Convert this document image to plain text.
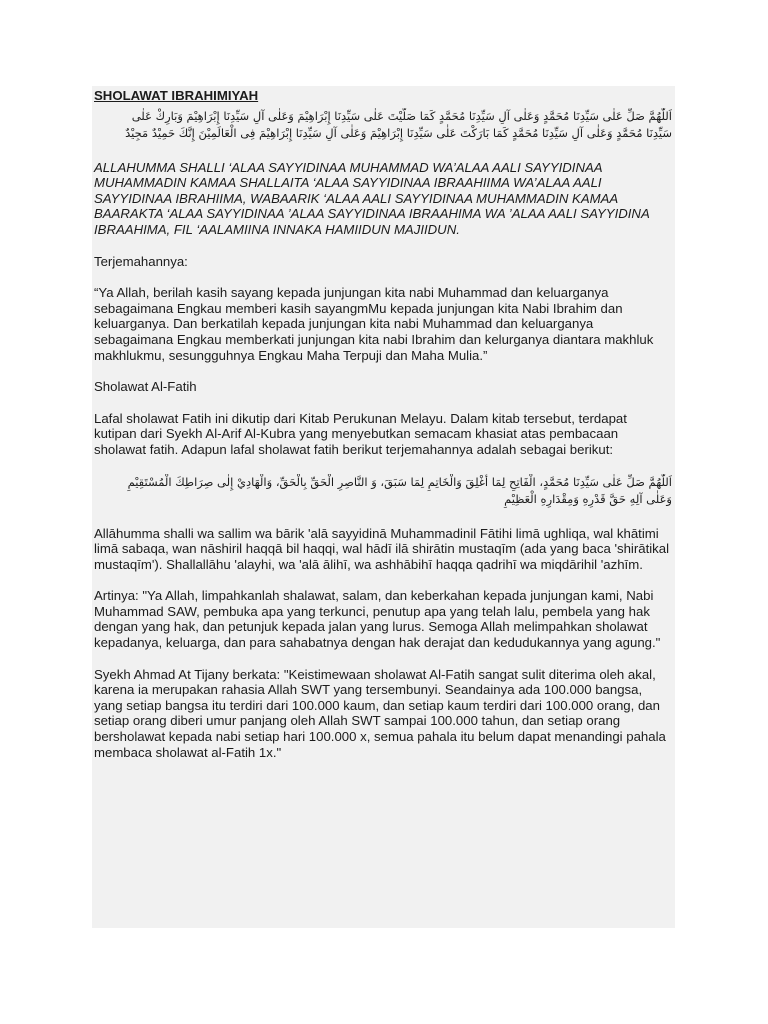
SHOLAWAT IBRAHIMIYAH
اَللّٰهُمَّ صَلِّ عَلٰى سَيِّدِنَا مُحَمَّدٍ وَعَلٰى آلِ سَيِّدِنَا مُحَمَّدٍ كَمَا صَلَّيْتَ عَلٰى سَيِّدِنَا إِبْرَاهِيْمَ وَعَلٰى آلِ سَيِّدِنَا إِبْرَاهِيْمَ وَبَارِكْ عَلٰى
سَيِّدِنَا مُحَمَّدٍ وَعَلٰى آلِ سَيِّدِنَا مُحَمَّدٍ كَمَا بَارَكْتَ عَلٰى سَيِّدِنَا إِبْرَاهِيْمَ وَعَلٰى آلِ سَيِّدِنَا إِبْرَاهِيْمَ فِى الْعَالَمِيْنَ إِنَّكَ حَمِيْدٌ مَجِيْدٌ

ALLAHUMMA SHALLI ‘ALAA SAYYIDINAA MUHAMMAD WA’ALAA AALI SAYYIDINAA MUHAMMADIN KAMAA SHALLAITA ‘ALAA SAYYIDINAA IBRAAHIIMA WA’ALAA AALI SAYYIDINAA IBRAHIIMA, WABAARIK ‘ALAA AALI SAYYIDINAA MUHAMMADIN KAMAA BAARAKTA ‘ALAA SAYYIDINAA ’ALAA SAYYIDINAA IBRAAHIMA WA ’ALAA AALI SAYYIDINA IBRAAHIMA, FIL ‘AALAMIINA INNAKA HAMIIDUN MAJIIDUN.

Terjemahannya:

“Ya Allah, berilah kasih sayang kepada junjungan kita nabi Muhammad dan keluarganya sebagaimana Engkau memberi kasih sayangmMu kepada junjungan kita Nabi Ibrahim dan keluarganya. Dan berkatilah kepada junjungan kita nabi Muhammad dan keluarganya sebagaimana Engkau memberkati junjungan kita nabi Ibrahim dan kelurganya diantara makhluk makhlukmu, sesungguhnya Engkau Maha Terpuji dan Maha Mulia.”

Sholawat Al-Fatih

Lafal sholawat Fatih ini dikutip dari Kitab Perukunan Melayu. Dalam kitab tersebut, terdapat kutipan dari Syekh Al-Arif Al-Kubra yang menyebutkan semacam khasiat atas pembacaan sholawat fatih. Adapun lafal sholawat fatih berikut terjemahannya adalah sebagai berikut:

اَللّٰهُمَّ صَلِّ عَلٰى سَيِّدِنَا مُحَمَّدٍ، الْفَاتِحِ لِمَا أُغْلِقَ وَالْخَاتِمِ لِمَا سَبَقَ، وَ النَّاصِرِ الْحَقِّ بِالْحَقِّ، وَالْهَادِيْ إِلٰى صِرَاطِكَ الْمُسْتَقِيْمِ
وَعَلٰى آلِهِ حَقَّ قَدْرِهِ وَمِقْدَارِهِ الْعَظِيْمِ

Allāhumma shalli wa sallim wa bārik 'alā sayyidinā Muhammadinil Fātihi limā ughliqa, wal khātimi limā sabaqa, wan nāshiril haqqā bil haqqi, wal hādī ilā shirātin mustaqīm (ada yang baca 'shirātikal mustaqīm'). Shallallāhu 'alayhi, wa 'alā ālihī, wa ashhābihī haqqa qadrihī wa miqdārihil 'azhīm.

Artinya: "Ya Allah, limpahkanlah shalawat, salam, dan keberkahan kepada junjungan kami, Nabi Muhammad SAW, pembuka apa yang terkunci, penutup apa yang telah lalu, pembela yang hak dengan yang hak, dan petunjuk kepada jalan yang lurus. Semoga Allah melimpahkan sholawat kepadanya, keluarga, dan para sahabatnya dengan hak derajat dan kedudukannya yang agung."

Syekh Ahmad At Tijany berkata: "Keistimewaan sholawat Al-Fatih sangat sulit diterima oleh akal, karena ia merupakan rahasia Allah SWT yang tersembunyi. Seandainya ada 100.000 bangsa, yang setiap bangsa itu terdiri dari 100.000 kaum, dan setiap kaum terdiri dari 100.000 orang, dan setiap orang diberi umur panjang oleh Allah SWT sampai 100.000 tahun, dan setiap orang bersholawat kepada nabi setiap hari 100.000 x, semua pahala itu belum dapat menandingi pahala membaca sholawat al-Fatih 1x."
